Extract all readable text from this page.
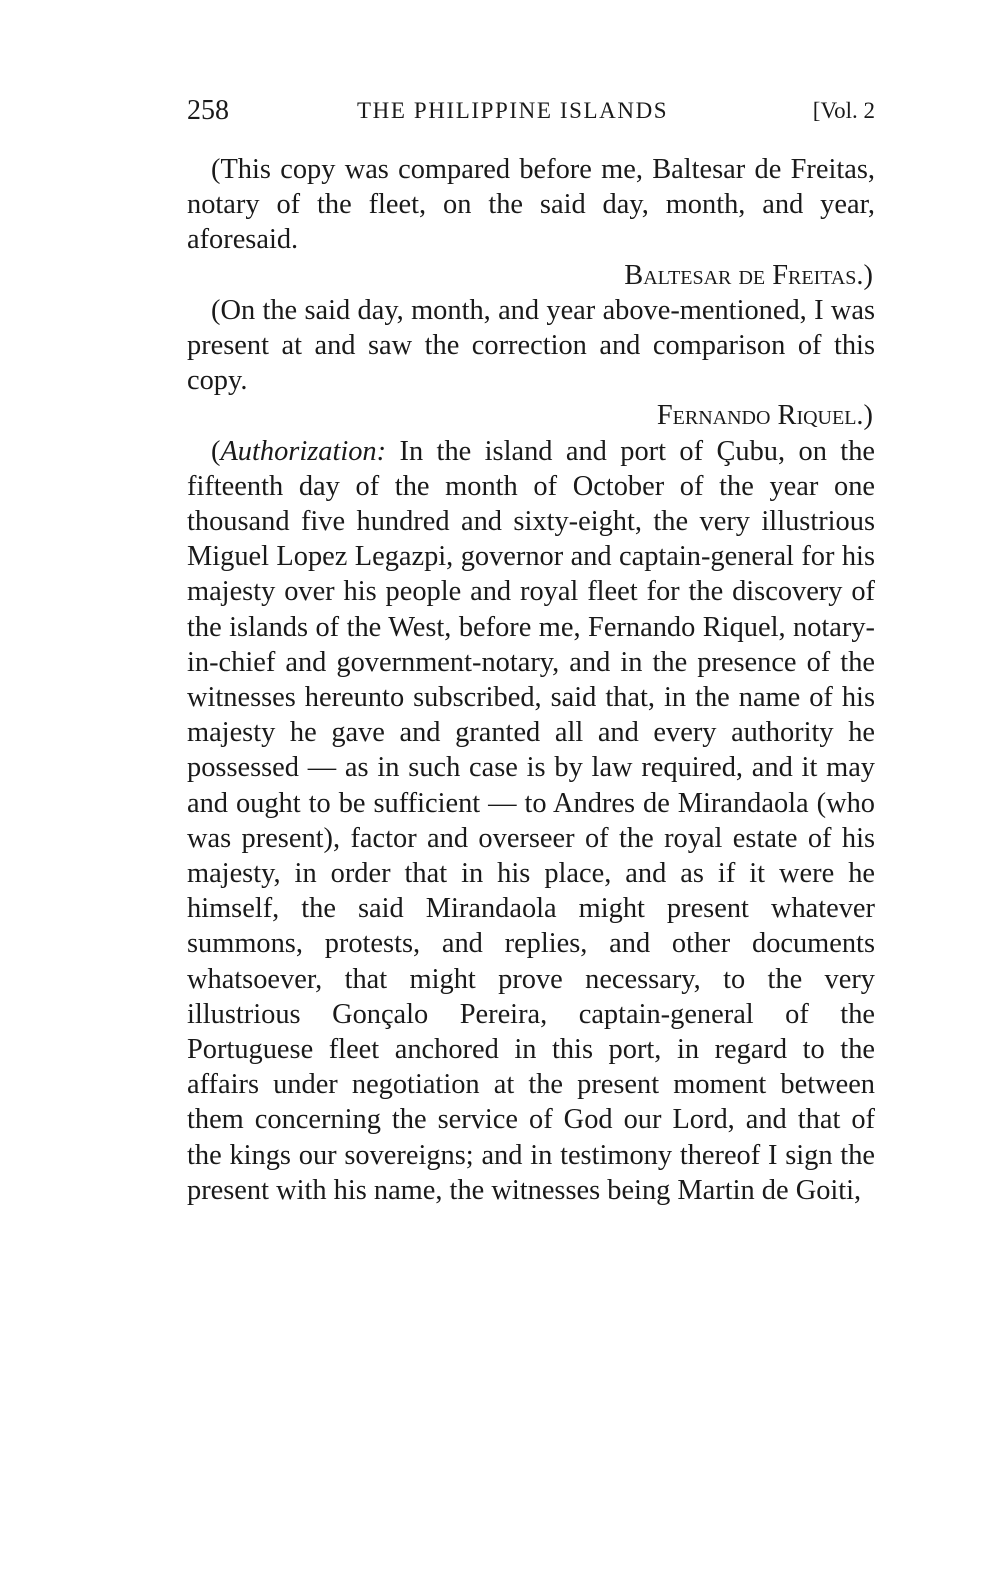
258	THE PHILIPPINE ISLANDS	[Vol. 2

(This copy was compared before me, Baltesar de Freitas, notary of the fleet, on the said day, month, and year, aforesaid.

Baltesar de Freitas.)

(On the said day, month, and year above-mentioned, I was present at and saw the correction and comparison of this copy.

Fernando Riquel.)

(Authorization: In the island and port of Çubu, on the fifteenth day of the month of October of the year one thousand five hundred and sixty-eight, the very illustrious Miguel Lopez Legazpi, governor and captain-general for his majesty over his people and royal fleet for the discovery of the islands of the West, before me, Fernando Riquel, notary-in-chief and government-notary, and in the presence of the witnesses hereunto subscribed, said that, in the name of his majesty he gave and granted all and every authority he possessed — as in such case is by law required, and it may and ought to be sufficient — to Andres de Mirandaola (who was present), factor and overseer of the royal estate of his majesty, in order that in his place, and as if it were he himself, the said Mirandaola might present whatever summons, protests, and replies, and other documents whatsoever, that might prove necessary, to the very illustrious Gonçalo Pereira, captain-general of the Portuguese fleet anchored in this port, in regard to the affairs under negotiation at the present moment between them concerning the service of God our Lord, and that of the kings our sovereigns; and in testimony thereof I sign the present with his name, the witnesses being Martin de Goiti,
